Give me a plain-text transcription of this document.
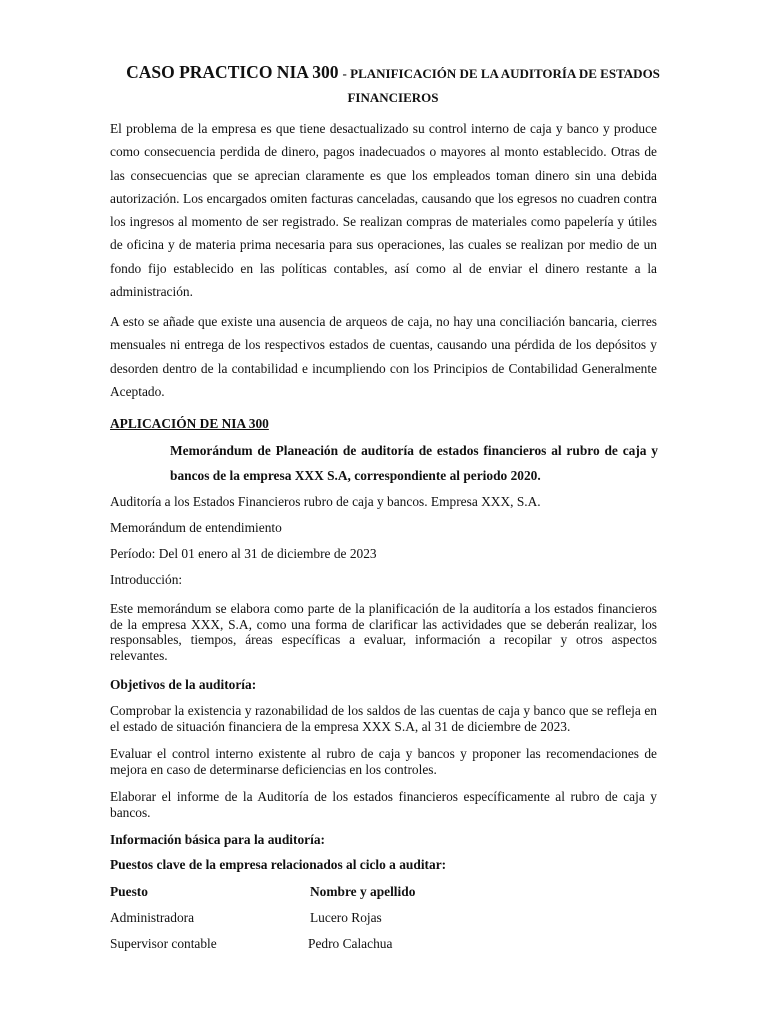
CASO PRACTICO NIA 300 - PLANIFICACIÓN DE LA AUDITORÍA DE ESTADOS FINANCIEROS
El problema de la empresa es que tiene desactualizado su control interno de caja y banco y produce como consecuencia perdida de dinero, pagos inadecuados o mayores al monto establecido. Otras de las consecuencias que se aprecian claramente es que los empleados toman dinero sin una debida autorización. Los encargados omiten facturas canceladas, causando que los egresos no cuadren contra los ingresos al momento de ser registrado. Se realizan compras de materiales como papelería y útiles de oficina y de materia prima necesaria para sus operaciones, las cuales se realizan por medio de un fondo fijo establecido en las políticas contables, así como al de enviar el dinero restante a la administración.
A esto se añade que existe una ausencia de arqueos de caja, no hay una conciliación bancaria, cierres mensuales ni entrega de los respectivos estados de cuentas, causando una pérdida de los depósitos y desorden dentro de la contabilidad e incumpliendo con los Principios de Contabilidad Generalmente Aceptado.
APLICACIÓN DE NIA 300
Memorándum de Planeación de auditoría de estados financieros al rubro de caja y bancos de la empresa XXX S.A, correspondiente al periodo 2020.
Auditoría a los Estados Financieros rubro de caja y bancos. Empresa XXX, S.A.
Memorándum de entendimiento
Período: Del 01 enero al 31 de diciembre de 2023
Introducción:
Este memorándum se elabora como parte de la planificación de la auditoría a los estados financieros de la empresa XXX, S.A, como una forma de clarificar las actividades que se deberán realizar, los responsables, tiempos, áreas específicas a evaluar, información a recopilar y otros aspectos relevantes.
Objetivos de la auditoría:
Comprobar la existencia y razonabilidad de los saldos de las cuentas de caja y banco que se refleja en el estado de situación financiera de la empresa XXX S.A, al 31 de diciembre de 2023.
Evaluar el control interno existente al rubro de caja y bancos y proponer las recomendaciones de mejora en caso de determinarse deficiencias en los controles.
Elaborar el informe de la Auditoría de los estados financieros específicamente al rubro de caja y bancos.
Información básica para la auditoría:
Puestos clave de la empresa relacionados al ciclo a auditar:
Puesto	Nombre y apellido
Administradora	Lucero Rojas
Supervisor contable	Pedro Calachua
